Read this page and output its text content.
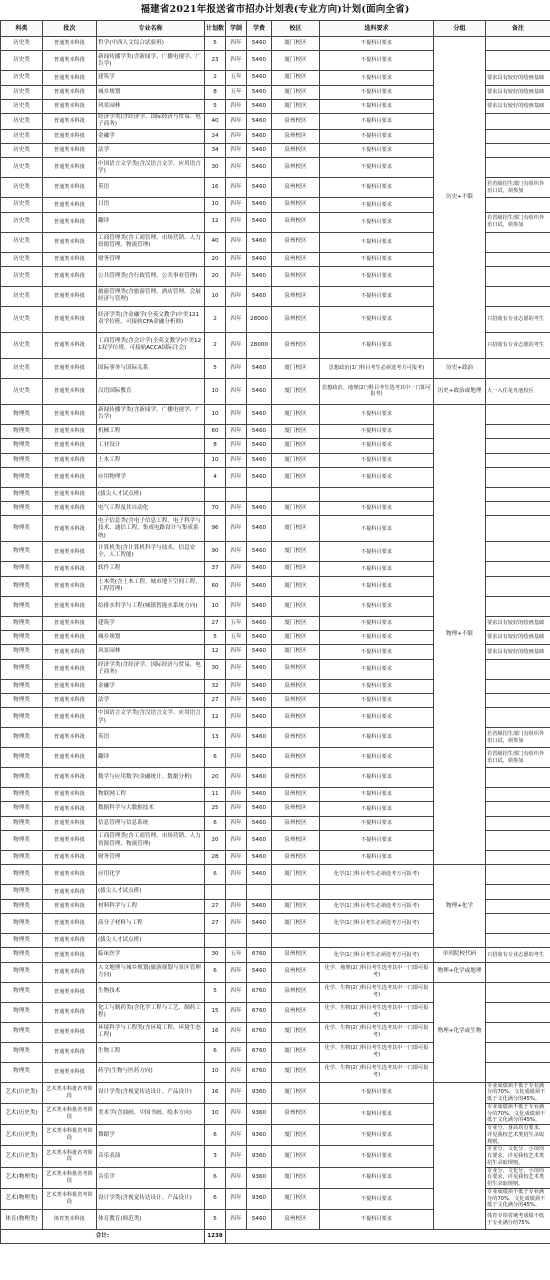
福建省2021年报送省市招办计划表(专业方向)计划(面向全省)
科类	批次	专业名称	计划数	学制	学费	校区	选科要求	分组	备注
历史类	普通类本科批	哲学(中西人文综合试验班)	5	四年	5460	厦门校区	不提科目要求	历史+不限	
历史类	普通类本科批	新闻传播学类(含新闻学、广播电视学、广告学)	23	四年	5460	厦门校区	不提科目要求		
历史类	普通类本科批	建筑学	2	五年	5460	厦门校区	不提科目要求		要求具有较好的绘画基础
历史类	普通类本科批	城乡规划	8	五年	5460	厦门校区	不提科目要求		要求具有较好的绘画基础
历史类	普通类本科批	风景园林	5	四年	5460	厦门校区	不提科目要求		要求具有较好的绘画基础
历史类	普通类本科批	经济学类(含经济学、国际经济与贸易、电子商务)	40	四年	5460	泉州校区	不提科目要求		
历史类	普通类本科批	金融学	24	四年	5460	泉州校区	不提科目要求		
历史类	普通类本科批	法学	34	四年	5460	泉州校区	不提科目要求		
历史类	普通类本科批	中国语言文学类(含汉语言文学、应用语言学)	30	四年	5460	泉州校区	不提科目要求		
历史类	普通类本科批	英语	16	四年	5460	泉州校区	不提科目要求		若省级招生部门有组织外语口试，须参加
历史类	普通类本科批	日语	10	四年	5460	泉州校区	不提科目要求		
历史类	普通类本科批	翻译	12	四年	5460	泉州校区	不提科目要求		若省级招生部门有组织外语口试，须参加
历史类	普通类本科批	工商管理类(含工商管理、市场营销、人力资源管理、物流管理)	40	四年	5460	泉州校区	不提科目要求		
历史类	普通类本科批	财务管理	20	四年	5460	泉州校区	不提科目要求		
历史类	普通类本科批	公共管理类(含行政管理、公共事业管理)	20	四年	5460	泉州校区	不提科目要求		
历史类	普通类本科批	旅游管理类(含旅游管理、酒店管理、会展经济与管理)	10	四年	5460	泉州校区	不提科目要求		
历史类	普通类本科批	经济学类(含金融学(全英文教学)中美121双学位班、可接轨CFA金融分析师)	2	四年	28000	泉州校区	不提科目要求		只招收有专业志愿的考生
历史类	普通类本科批	工商管理类(含会计学(全英文教学)中美121双学位班、可接轨ACCA国际注会)	2	四年	28000	泉州校区	不提科目要求		只招收有专业志愿的考生
历史类	普通类本科批	国际事务与国际关系	5	四年	5460	厦门校区	思想政治(1门科目考生必须选考方可报考)	历史+政治	
历史类	普通类本科批	汉语国际教育	10	四年	5460	厦门校区	思想政治、地理(2门科目考生选考其中一门即可报考)	历史+政治或地理	大一入住龙舟池校区
物理类	普通类本科批	新闻传播学类(含新闻学、广播电视学、广告学)	10	四年	5460	厦门校区	不提科目要求	物理+不限	
物理类	普通类本科批	机械工程	60	四年	5460	厦门校区	不提科目要求		
物理类	普通类本科批	工业设计	8	四年	5460	厦门校区	不提科目要求		
物理类	普通类本科批	土木工程	10	四年	5460	厦门校区	不提科目要求		
物理类	普通类本科批	应用物理学	4	四年	5460	厦门校区	不提科目要求		
物理类	普通类本科批	(拔尖人才试点班)							
物理类	普通类本科批	电气工程及其自动化	70	四年	5460	厦门校区	不提科目要求		
物理类	普通类本科批	电子信息类(含电子信息工程、电子科学与技术、通信工程、集成电路设计与集成系统)	96	四年	5460	厦门校区	不提科目要求		
物理类	普通类本科批	计算机类(含计算机科学与技术、信息安全、人工智能)	90	四年	5460	厦门校区	不提科目要求		
物理类	普通类本科批	软件工程	37	四年	5460	厦门校区	不提科目要求		
物理类	普通类本科批	土木类(含土木工程、城市地下空间工程、工程管理)	60	四年	5460	厦门校区	不提科目要求		
物理类	普通类本科批	给排水科学与工程(城镇智能水系统方向)	10	四年	5460	厦门校区	不提科目要求		
物理类	普通类本科批	建筑学	27	五年	5460	厦门校区	不提科目要求		要求具有较好的绘画基础
物理类	普通类本科批	城乡规划	5	五年	5460	厦门校区	不提科目要求		要求具有较好的绘画基础
物理类	普通类本科批	风景园林	12	四年	5460	厦门校区	不提科目要求		要求具有较好的绘画基础
物理类	普通类本科批	经济学类(含经济学、国际经济与贸易、电子商务)	30	四年	5460	泉州校区	不提科目要求		
物理类	普通类本科批	金融学	32	四年	5460	泉州校区	不提科目要求		
物理类	普通类本科批	法学	27	四年	5460	泉州校区	不提科目要求		
物理类	普通类本科批	中国语言文学类(含汉语言文学、应用语言学)	12	四年	5460	泉州校区	不提科目要求		
物理类	普通类本科批	英语	13	四年	5460	泉州校区	不提科目要求		若省级招生部门有组织外语口试，须参加
物理类	普通类本科批	翻译	6	四年	5460	泉州校区	不提科目要求		若省级招生部门有组织外语口试，须参加
物理类	普通类本科批	数学与应用数学(金融统计、数据分析)	20	四年	5460	泉州校区	不提科目要求		
物理类	普通类本科批	物联网工程	11	四年	5460	泉州校区	不提科目要求		
物理类	普通类本科批	数据科学与大数据技术	25	四年	5460	泉州校区	不提科目要求		
物理类	普通类本科批	信息管理与信息系统	6	四年	5460	泉州校区	不提科目要求		
物理类	普通类本科批	工商管理类(含工商管理、市场营销、人力资源管理、物流管理)	20	四年	5460	泉州校区	不提科目要求		
物理类	普通类本科批	财务管理	28	四年	5460	泉州校区	不提科目要求		
物理类	普通类本科批	应用化学	6	四年	5460	厦门校区	化学(1门科目考生必须选考方可报考)	物理+化学	
物理类	普通类本科批	(拔尖人才试点班)							
物理类	普通类本科批	材料科学与工程	27	四年	5460	厦门校区	化学(1门科目考生必须选考方可报考)		
物理类	普通类本科批	高分子材料与工程	27	四年	5460	厦门校区	化学(1门科目考生必须选考方可报考)		
物理类	普通类本科批	(拔尖人才试点班)							
物理类	普通类本科批	临床医学	30	五年	6760	泉州校区	化学(1门科目考生必须选考方可报考)	单列院校代码	只招收有专业志愿的考生
物理类	普通类本科批	人文地理与城乡规划(旅游规划与景区管理方向)	6	四年	5460	泉州校区	化学、地理(2门科目考生选考其中一门即可报考)	物理+化学或地理	
物理类	普通类本科批	生物技术	5	四年	6760	泉州校区	化学、生物(2门科目考生选考其中一门即可报考)	物理+化学或生物	
物理类	普通类本科批	化工与制药类(含化学工程与工艺、制药工程)	15	四年	6760	泉州校区	化学、生物(2门科目考生选考其中一门即可报考)		
物理类	普通类本科批	环境科学与工程类(含环境工程、环境生态工程)	16	四年	6760	厦门校区	化学、生物(2门科目考生选考其中一门即可报考)		
物理类	普通类本科批	生物工程	6	四年	6760	厦门校区	化学、生物(2门科目考生选考其中一门即可报考)		
物理类	普通类本科批	药学(生物与医药方向)	10	四年	6760	厦门校区	化学、生物(2门科目考生选考其中一门即可报考)		
艺术(历史类)	艺术类本科批省考阶段	设计学类(含视觉传达设计、产品设计)	16	四年	9360	厦门校区	不提科目要求		专业成绩须不低于专业满分的70%、文化成绩须不低于文化满分的45%。
艺术(历史类)	艺术类本科批省考阶段	美术学(含油画、中国书画、绘本方向)	10	四年	9360	泉州校区	不提科目要求		专业成绩须不低于专业满分的70%、文化成绩须不低于文化满分的45%。
艺术(历史类)	艺术类本科批省考阶段	舞蹈学	6	四年	9360	厦门校区	不提科目要求		专业分、身高均有要求，详见我校艺术类招生录取规则。
艺术(历史类)	艺术类本科批省考阶段	音乐表演	3	四年	9360	厦门校区	不提科目要求		专业分、文化分、小项均有要求，详见我校艺术类招生录取规则。
艺术(物理类)	艺术类本科批省考阶段	音乐学	6	四年	9360	厦门校区	不提科目要求		专业分、文化分、小项均有要求，详见我校艺术类招生录取规则。
艺术(物理类)	艺术类本科批省考阶段	设计学类(含视觉传达设计、产品设计)	6	四年	9360	厦门校区	不提科目要求		专业成绩须不低于专业满分的70%、文化成绩须不低于文化满分的45%。
体育(物理类)	体育类本科批	体育教育(师范类)	5	四年	5460	泉州校区	不提科目要求		体育专项省统考成绩不低于专业满分的75%
合计:			1238						
